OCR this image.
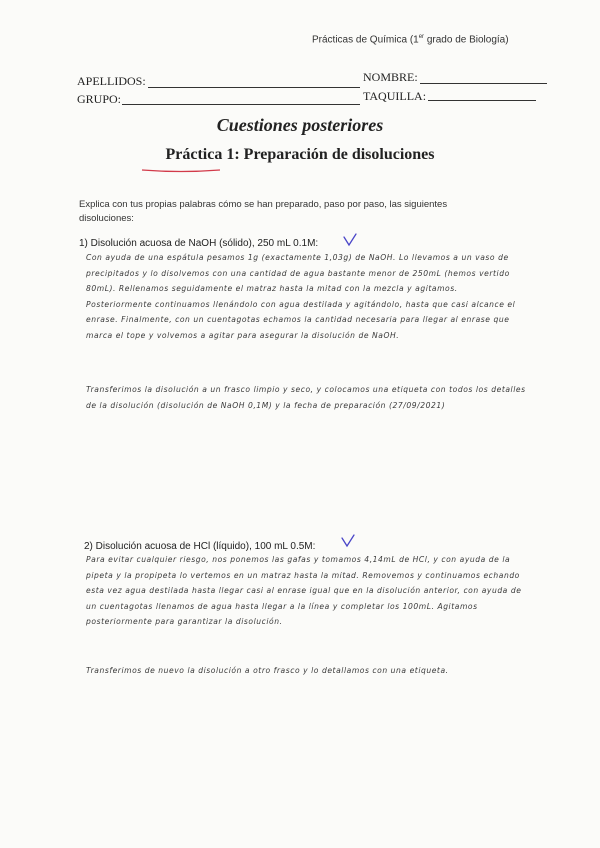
Prácticas de Química (1er grado de Biología)
APELLIDOS:	NOMBRE:
GRUPO:	TAQUILLA:
Cuestiones posteriores
Práctica 1: Preparación de disoluciones
Explica con tus propias palabras cómo se han preparado, paso por paso, las siguientes disoluciones:
1) Disolución acuosa de NaOH (sólido), 250 mL 0.1M:

Con ayuda de una espátula pesamos 1g (exactamente 1,03g) de NaOH. Lo llevamos a un vaso de precipitados y lo disolvemos con una cantidad de agua bastante menor de 250mL (hemos vertido 80mL). Rellenamos seguidamente el matraz hasta la mitad con la mezcla y agitamos. Posteriormente continuamos llenándolo con agua destilada y agitándolo, hasta que casi alcance el enrase. Finalmente, con un cuentagotas echamos la cantidad necesaria para llegar al enrase que marca el tope y volvemos a agitar para asegurar la disolución de NaOH.

Transferimos la disolución a un frasco limpio y seco, y colocamos una etiqueta con todos los detalles de la disolución (disolución de NaOH 0,1M) y la fecha de preparación (27/09/2021)

2) Disolución acuosa de HCl (líquido), 100 mL 0.5M:

Para evitar cualquier riesgo, nos ponemos las gafas y tomamos 4,14mL de HCl, y con ayuda de la pipeta y la propipeta lo vertemos en un matraz hasta la mitad. Removemos y continuamos echando esta vez agua destilada hasta llegar casi al enrase igual que en la disolución anterior, con ayuda de un cuentagotas llenamos de agua hasta llegar a la línea y completar los 100mL. Agitamos posteriormente para garantizar la disolución.

Transferimos de nuevo la disolución a otro frasco y lo detallamos con una etiqueta.
